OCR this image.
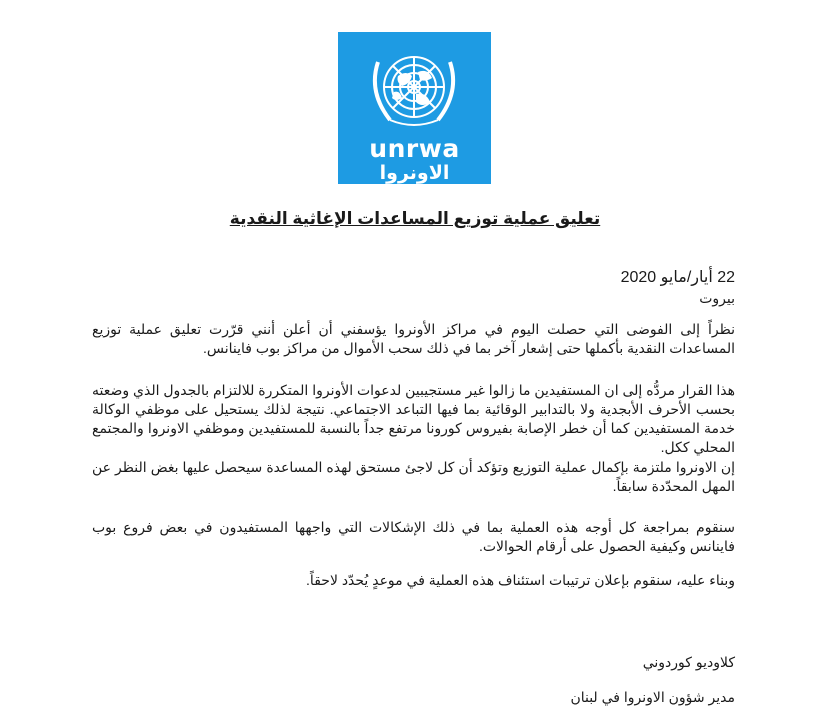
unrwa
الاونروا
تعليق عملية توزيع المساعدات الإغاثية النقدية
22 أيار/مايو 2020
بيروت
نظراً إلى الفوضى التي حصلت اليوم في مراكز الأونروا يؤسفني أن أعلن أنني قرّرت تعليق عملية توزيع المساعدات النقدية بأكملها حتى إشعار آخر بما في ذلك سحب الأموال من مراكز بوب فاينانس.
هذا القرار مردُّه إلى ان المستفيدين ما زالوا غير مستجيبين لدعوات الأونروا المتكررة للالتزام بالجدول الذي وضعته بحسب الأحرف الأبجدية ولا بالتدابير الوقائية بما فيها التباعد الاجتماعي. نتيجة لذلك يستحيل على موظفي الوكالة خدمة المستفيدين كما أن خطر الإصابة بفيروس كورونا مرتفع جداً بالنسبة للمستفيدين وموظفي الاونروا والمجتمع المحلي ككل.
إن الاونروا ملتزمة بإكمال عملية التوزيع وتؤكد أن كل لاجئ مستحق لهذه المساعدة سيحصل عليها بغض النظر عن المهل المحدّدة سابقاً.
سنقوم بمراجعة كل أوجه هذه العملية بما في ذلك الإشكالات التي واجهها المستفيدون في بعض فروع بوب فاينانس وكيفية الحصول على أرقام الحوالات.
وبناء عليه، سنقوم بإعلان ترتيبات استئناف هذه العملية في موعدٍ يُحدّد لاحقاً.
كلاوديو كوردوني
مدير شؤون الاونروا في لبنان
